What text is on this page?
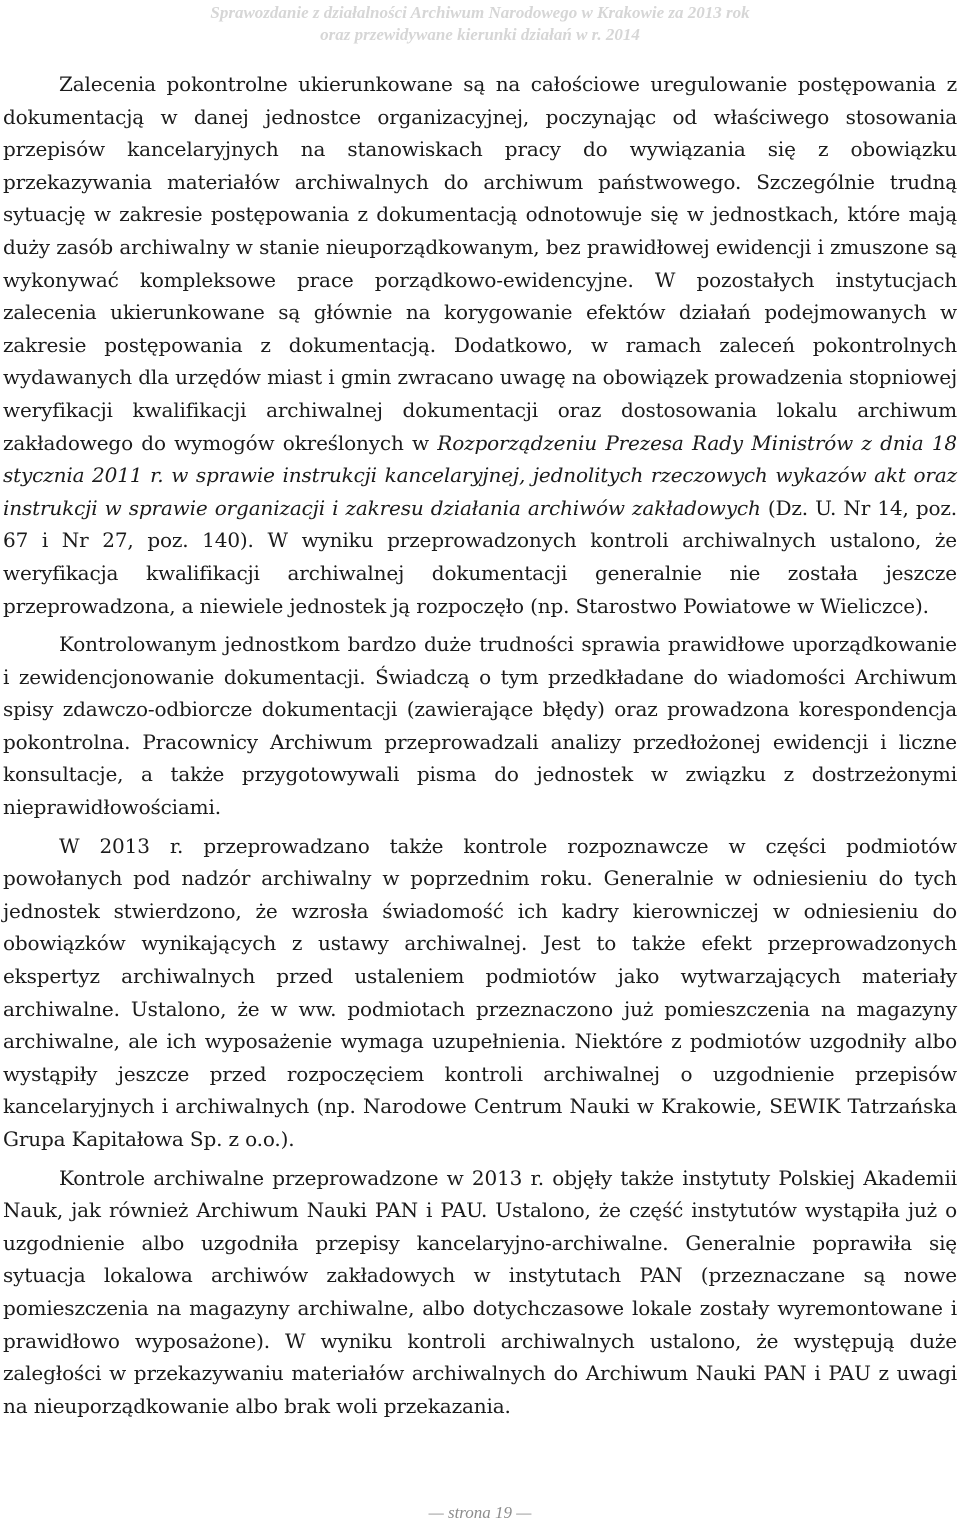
Sprawozdanie z działalności Archiwum Narodowego w Krakowie za 2013 rok
oraz przewidywane kierunki działań w r. 2014

Zalecenia pokontrolne ukierunkowane są na całościowe uregulowanie postępowania z dokumentacją w danej jednostce organizacyjnej, poczynając od właściwego stosowania przepisów kancelaryjnych na stanowiskach pracy do wywiązania się z obowiązku przekazywania materiałów archiwalnych do archiwum państwowego. Szczególnie trudną sytuację w zakresie postępowania z dokumentacją odnotowuje się w jednostkach, które mają duży zasób archiwalny w stanie nieuporządkowanym, bez prawidłowej ewidencji i zmuszone są wykonywać kompleksowe prace porządkowo-ewidencyjne. W pozostałych instytucjach zalecenia ukierunkowane są głównie na korygowanie efektów działań podejmowanych w zakresie postępowania z dokumentacją. Dodatkowo, w ramach zaleceń pokontrolnych wydawanych dla urzędów miast i gmin zwracano uwagę na obowiązek prowadzenia stopniowej weryfikacji kwalifikacji archiwalnej dokumentacji oraz dostosowania lokalu archiwum zakładowego do wymogów określonych w Rozporządzeniu Prezesa Rady Ministrów z dnia 18 stycznia 2011 r. w sprawie instrukcji kancelaryjnej, jednolitych rzeczowych wykazów akt oraz instrukcji w sprawie organizacji i zakresu działania archiwów zakładowych (Dz. U. Nr 14, poz. 67 i Nr 27, poz. 140). W wyniku przeprowadzonych kontroli archiwalnych ustalono, że weryfikacja kwalifikacji archiwalnej dokumentacji generalnie nie została jeszcze przeprowadzona, a niewiele jednostek ją rozpoczęło (np. Starostwo Powiatowe w Wieliczce).

Kontrolowanym jednostkom bardzo duże trudności sprawia prawidłowe uporządkowanie i zewidencjonowanie dokumentacji. Świadczą o tym przedkładane do wiadomości Archiwum spisy zdawczo-odbiorcze dokumentacji (zawierające błędy) oraz prowadzona korespondencja pokontrolna. Pracownicy Archiwum przeprowadzali analizy przedłożonej ewidencji i liczne konsultacje, a także przygotowywali pisma do jednostek w związku z dostrzeżonymi nieprawidłowościami.

W 2013 r. przeprowadzano także kontrole rozpoznawcze w części podmiotów powołanych pod nadzór archiwalny w poprzednim roku. Generalnie w odniesieniu do tych jednostek stwierdzono, że wzrosła świadomość ich kadry kierowniczej w odniesieniu do obowiązków wynikających z ustawy archiwalnej. Jest to także efekt przeprowadzonych ekspertyz archiwalnych przed ustaleniem podmiotów jako wytwarzających materiały archiwalne. Ustalono, że w ww. podmiotach przeznaczono już pomieszczenia na magazyny archiwalne, ale ich wyposażenie wymaga uzupełnienia. Niektóre z podmiotów uzgodniły albo wystąpiły jeszcze przed rozpoczęciem kontroli archiwalnej o uzgodnienie przepisów kancelaryjnych i archiwalnych (np. Narodowe Centrum Nauki w Krakowie, SEWIK Tatrzańska Grupa Kapitałowa Sp. z o.o.).

Kontrole archiwalne przeprowadzone w 2013 r. objęły także instytuty Polskiej Akademii Nauk, jak również Archiwum Nauki PAN i PAU. Ustalono, że część instytutów wystąpiła już o uzgodnienie albo uzgodniła przepisy kancelaryjno-archiwalne. Generalnie poprawiła się sytuacja lokalowa archiwów zakładowych w instytutach PAN (przeznaczane są nowe pomieszczenia na magazyny archiwalne, albo dotychczasowe lokale zostały wyremontowane i prawidłowo wyposażone). W wyniku kontroli archiwalnych ustalono, że występują duże zaległości w przekazywaniu materiałów archiwalnych do Archiwum Nauki PAN i PAU z uwagi na nieuporządkowanie albo brak woli przekazania.

— strona 19 —
